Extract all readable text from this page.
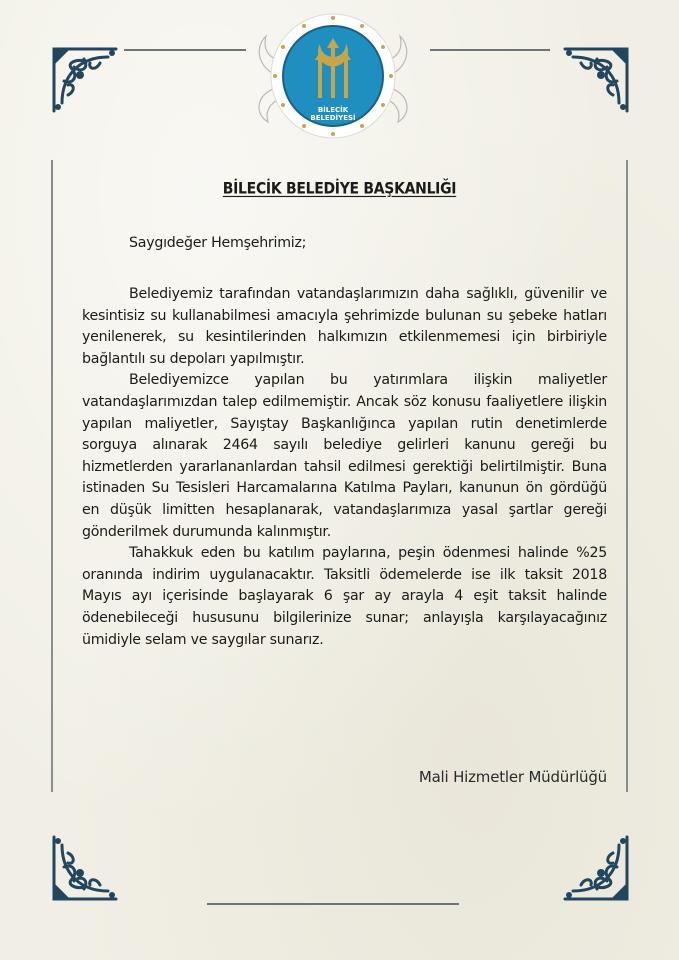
BİLECİK
BELEDİYESİ
BİLECİK BELEDİYE BAŞKANLIĞI
Saygıdeğer Hemşehrimiz;

Belediyemiz tarafından vatandaşlarımızın daha sağlıklı, güvenilir ve kesintisiz su kullanabilmesi amacıyla şehrimizde bulunan su şebeke hatları yenilenerek, su kesintilerinden halkımızın etkilenmemesi için birbiriyle bağlantılı su depoları yapılmıştır.

Belediyemizce yapılan bu yatırımlara ilişkin maliyetler vatandaşlarımızdan talep edilmemiştir. Ancak söz konusu faaliyetlere ilişkin yapılan maliyetler, Sayıştay Başkanlığınca yapılan rutin denetimlerde sorguya alınarak 2464 sayılı belediye gelirleri kanunu gereği bu hizmetlerden yararlananlardan tahsil edilmesi gerektiği belirtilmiştir. Buna istinaden Su Tesisleri Harcamalarına Katılma Payları, kanunun ön gördüğü en düşük limitten hesaplanarak, vatandaşlarımıza yasal şartlar gereği gönderilmek durumunda kalınmıştır.

Tahakkuk eden bu katılım paylarına, peşin ödenmesi halinde %25 oranında indirim uygulanacaktır. Taksitli ödemelerde ise ilk taksit 2018 Mayıs ayı içerisinde başlayarak 6 şar ay arayla 4 eşit taksit halinde ödenebileceği hususunu bilgilerinize sunar; anlayışla karşılayacağınız ümidiyle selam ve saygılar sunarız.

Mali Hizmetler Müdürlüğü
